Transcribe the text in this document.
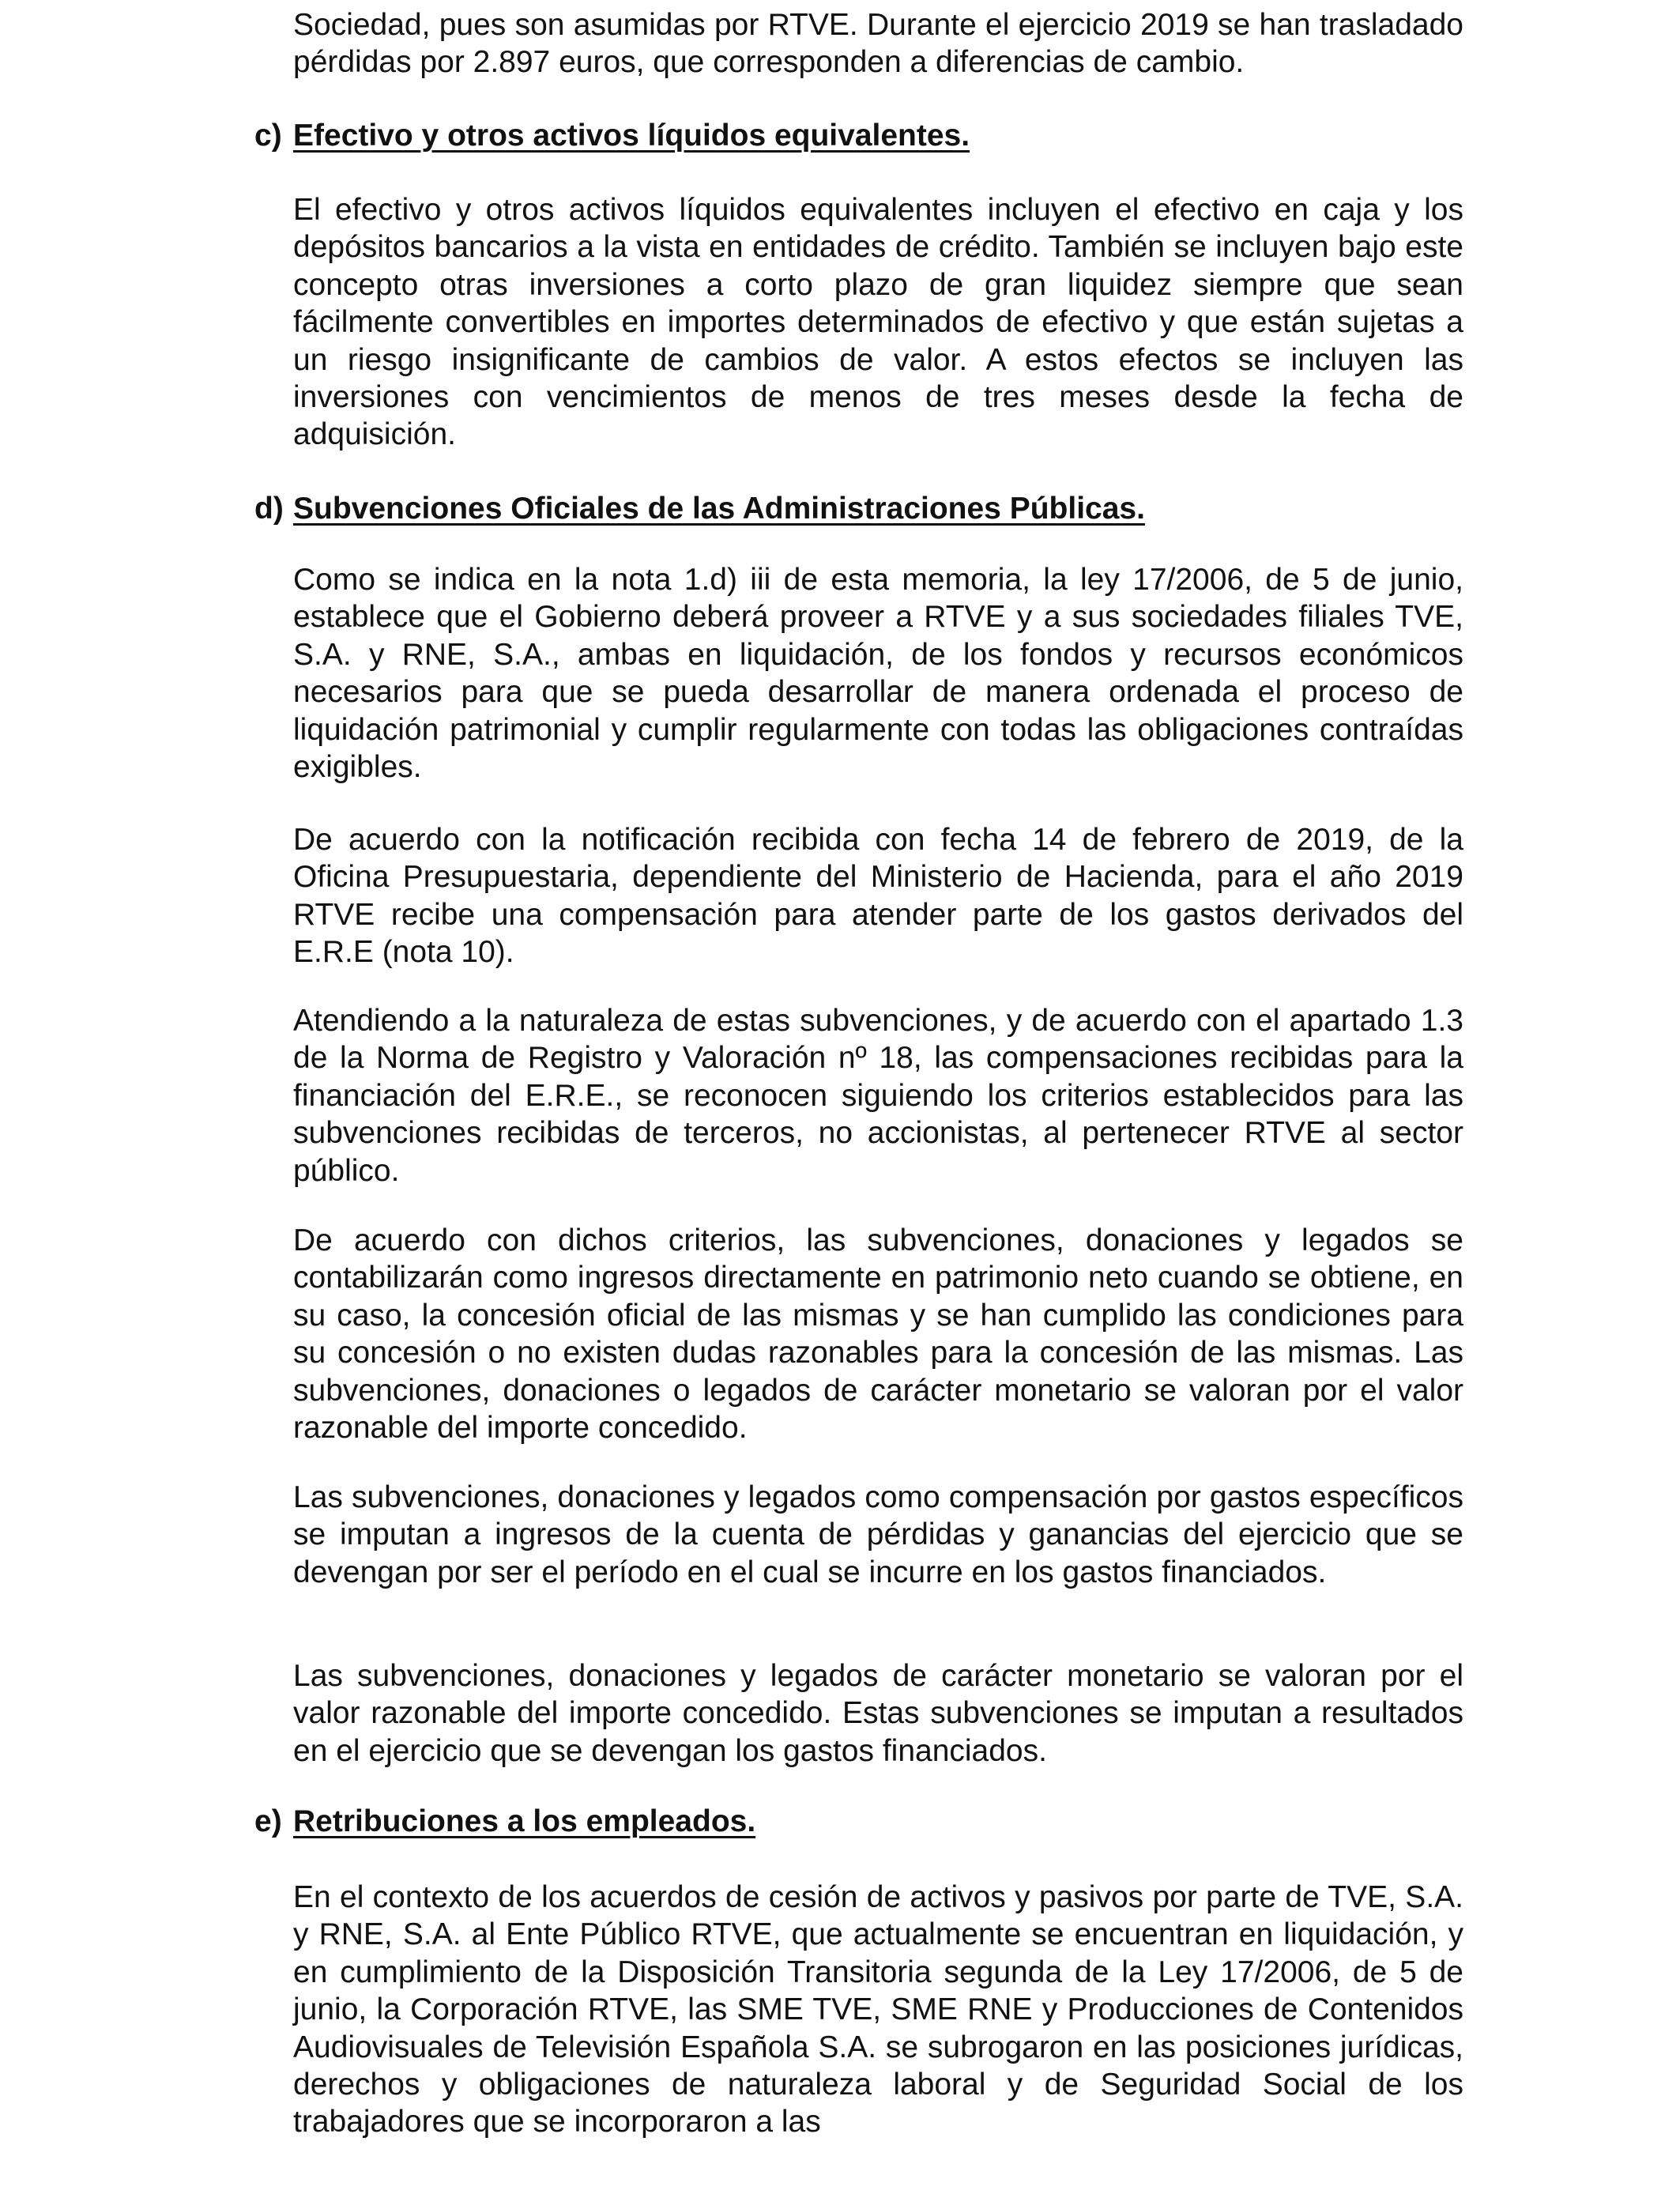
Sociedad, pues son asumidas por RTVE. Durante el ejercicio 2019 se han trasladado pérdidas por 2.897 euros, que corresponden a diferencias de cambio.

c) Efectivo y otros activos líquidos equivalentes.

El efectivo y otros activos líquidos equivalentes incluyen el efectivo en caja y los depósitos bancarios a la vista en entidades de crédito. También se incluyen bajo este concepto otras inversiones a corto plazo de gran liquidez siempre que sean fácilmente convertibles en importes determinados de efectivo y que están sujetas a un riesgo insignificante de cambios de valor. A estos efectos se incluyen las inversiones con vencimientos de menos de tres meses desde la fecha de adquisición.

d) Subvenciones Oficiales de las Administraciones Públicas.

Como se indica en la nota 1.d) iii de esta memoria, la ley 17/2006, de 5 de junio, establece que el Gobierno deberá proveer a RTVE y a sus sociedades filiales TVE, S.A. y RNE, S.A., ambas en liquidación, de los fondos y recursos económicos necesarios para que se pueda desarrollar de manera ordenada el proceso de liquidación patrimonial y cumplir regularmente con todas las obligaciones contraídas exigibles.

De acuerdo con la notificación recibida con fecha 14 de febrero de 2019, de la Oficina Presupuestaria, dependiente del Ministerio de Hacienda, para el año 2019 RTVE recibe una compensación para atender parte de los gastos derivados del E.R.E (nota 10).

Atendiendo a la naturaleza de estas subvenciones, y de acuerdo con el apartado 1.3 de la Norma de Registro y Valoración nº 18, las compensaciones recibidas para la financiación del E.R.E., se reconocen siguiendo los criterios establecidos para las subvenciones recibidas de terceros, no accionistas, al pertenecer RTVE al sector público.

De acuerdo con dichos criterios, las subvenciones, donaciones y legados se contabilizarán como ingresos directamente en patrimonio neto cuando se obtiene, en su caso, la concesión oficial de las mismas y se han cumplido las condiciones para su concesión o no existen dudas razonables para la concesión de las mismas. Las subvenciones, donaciones o legados de carácter monetario se valoran por el valor razonable del importe concedido.

Las subvenciones, donaciones y legados como compensación por gastos específicos se imputan a ingresos de la cuenta de pérdidas y ganancias del ejercicio que se devengan por ser el período en el cual se incurre en los gastos financiados.

Las subvenciones, donaciones y legados de carácter monetario se valoran por el valor razonable del importe concedido. Estas subvenciones se imputan a resultados en el ejercicio que se devengan los gastos financiados.

e) Retribuciones a los empleados.

En el contexto de los acuerdos de cesión de activos y pasivos por parte de TVE, S.A. y RNE, S.A. al Ente Público RTVE, que actualmente se encuentran en liquidación, y en cumplimiento de la Disposición Transitoria segunda de la Ley 17/2006, de 5 de junio, la Corporación RTVE, las SME TVE, SME RNE y Producciones de Contenidos Audiovisuales de Televisión Española S.A. se subrogaron en las posiciones jurídicas, derechos y obligaciones de naturaleza laboral y de Seguridad Social de los trabajadores que se incorporaron a las
